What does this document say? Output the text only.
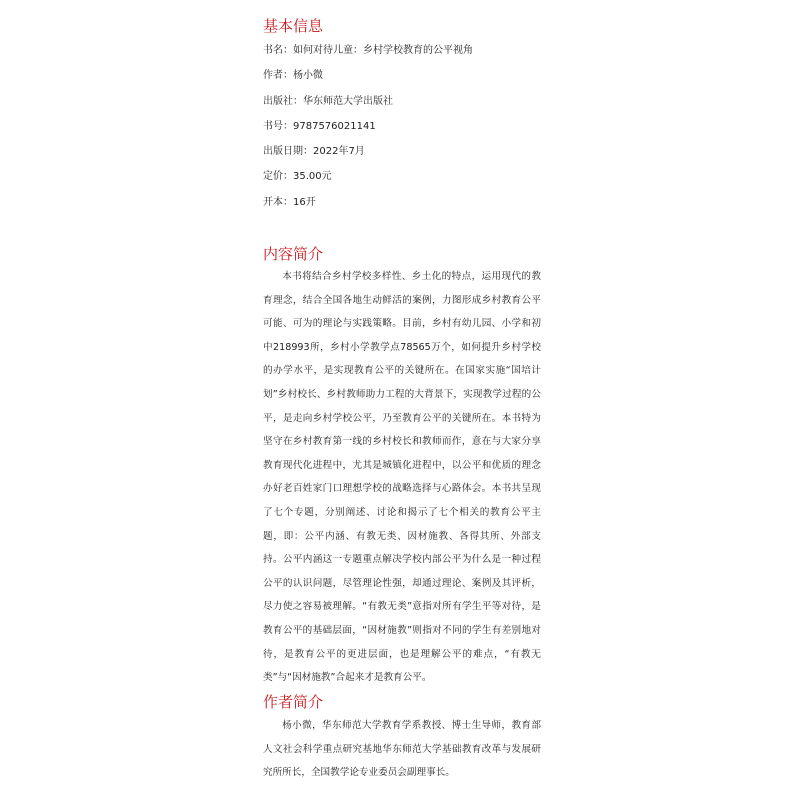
基本信息
书名：如何对待儿童：乡村学校教育的公平视角
作者：杨小微
出版社：华东师范大学出版社
书号：9787576021141
出版日期：2022年7月
定价：35.00元
开本：16开
内容简介

本书将结合乡村学校多样性、乡土化的特点，运用现代的教育理念，结合全国各地生动鲜活的案例，力图形成乡村教育公平可能、可为的理论与实践策略。目前，乡村有幼儿园、小学和初中218993所，乡村小学教学点78565万个，如何提升乡村学校的办学水平，是实现教育公平的关键所在。在国家实施“国培计划”乡村校长、乡村教师助力工程的大背景下，实现教学过程的公平，是走向乡村学校公平，乃至教育公平的关键所在。本书特为坚守在乡村教育第一线的乡村校长和教师而作，意在与大家分享教育现代化进程中，尤其是城镇化进程中，以公平和优质的理念办好老百姓家门口理想学校的战略选择与心路体会。本书共呈现了七个专题，分别阐述、讨论和揭示了七个相关的教育公平主题，即：公平内涵、有教无类、因材施教、各得其所、外部支持。公平内涵这一专题重点解决学校内部公平为什么是一种过程公平的认识问题，尽管理论性强，却通过理论、案例及其评析，尽力使之容易被理解。“有教无类”意指对所有学生平等对待，是教育公平的基础层面，“因材施教”则指对不同的学生有差别地对待，是教育公平的更进层面，也是理解公平的难点，“有教无类”与“因材施教”合起来才是教育公平。

作者简介

杨小微，华东师范大学教育学系教授、博士生导师，教育部人文社会科学重点研究基地华东师范大学基础教育改革与发展研究所所长，全国教学论专业委员会副理事长。
